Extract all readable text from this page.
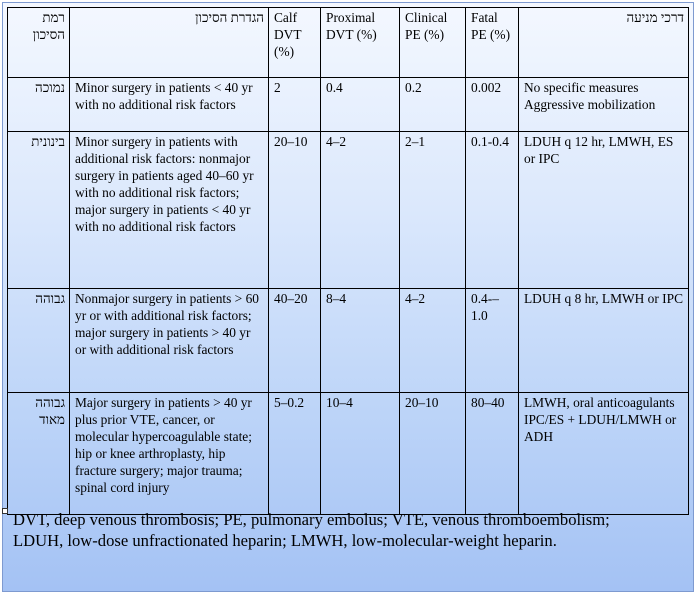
רמת הסיכון	הגדרת הסיכון	Calf DVT (%)	Proximal DVT (%)	Clinical PE (%)	Fatal PE (%)	דרכי מניעה
נמוכה	Minor surgery in patients < 40 yr with no additional risk factors	2	0.4	0.2	0.002	No specific measures Aggressive mobilization
בינונית	Minor surgery in patients with additional risk factors: nonmajor surgery in patients aged 40–60 yr with no additional risk factors; major surgery in patients < 40 yr with no additional risk factors	20–10	4–2	2–1	0.1-0.4	LDUH q 12 hr, LMWH, ES or IPC
גבוהה	Nonmajor surgery in patients > 60 yr or with additional risk factors; major surgery in patients > 40 yr or with additional risk factors	40–20	8–4	4–2	0.4-–1.0	LDUH q 8 hr, LMWH or IPC
גבוהה מאוד	Major surgery in patients > 40 yr plus prior VTE, cancer, or molecular hypercoagulable state; hip or knee arthroplasty, hip fracture surgery; major trauma; spinal cord injury	5–0.2	10–4	20–10	80–40	LMWH, oral anticoagulants IPC/ES + LDUH/LMWH or ADH
DVT, deep venous thrombosis; PE, pulmonary embolus; VTE, venous thromboembolism; LDUH, low-dose unfractionated heparin; LMWH, low-molecular-weight heparin.
